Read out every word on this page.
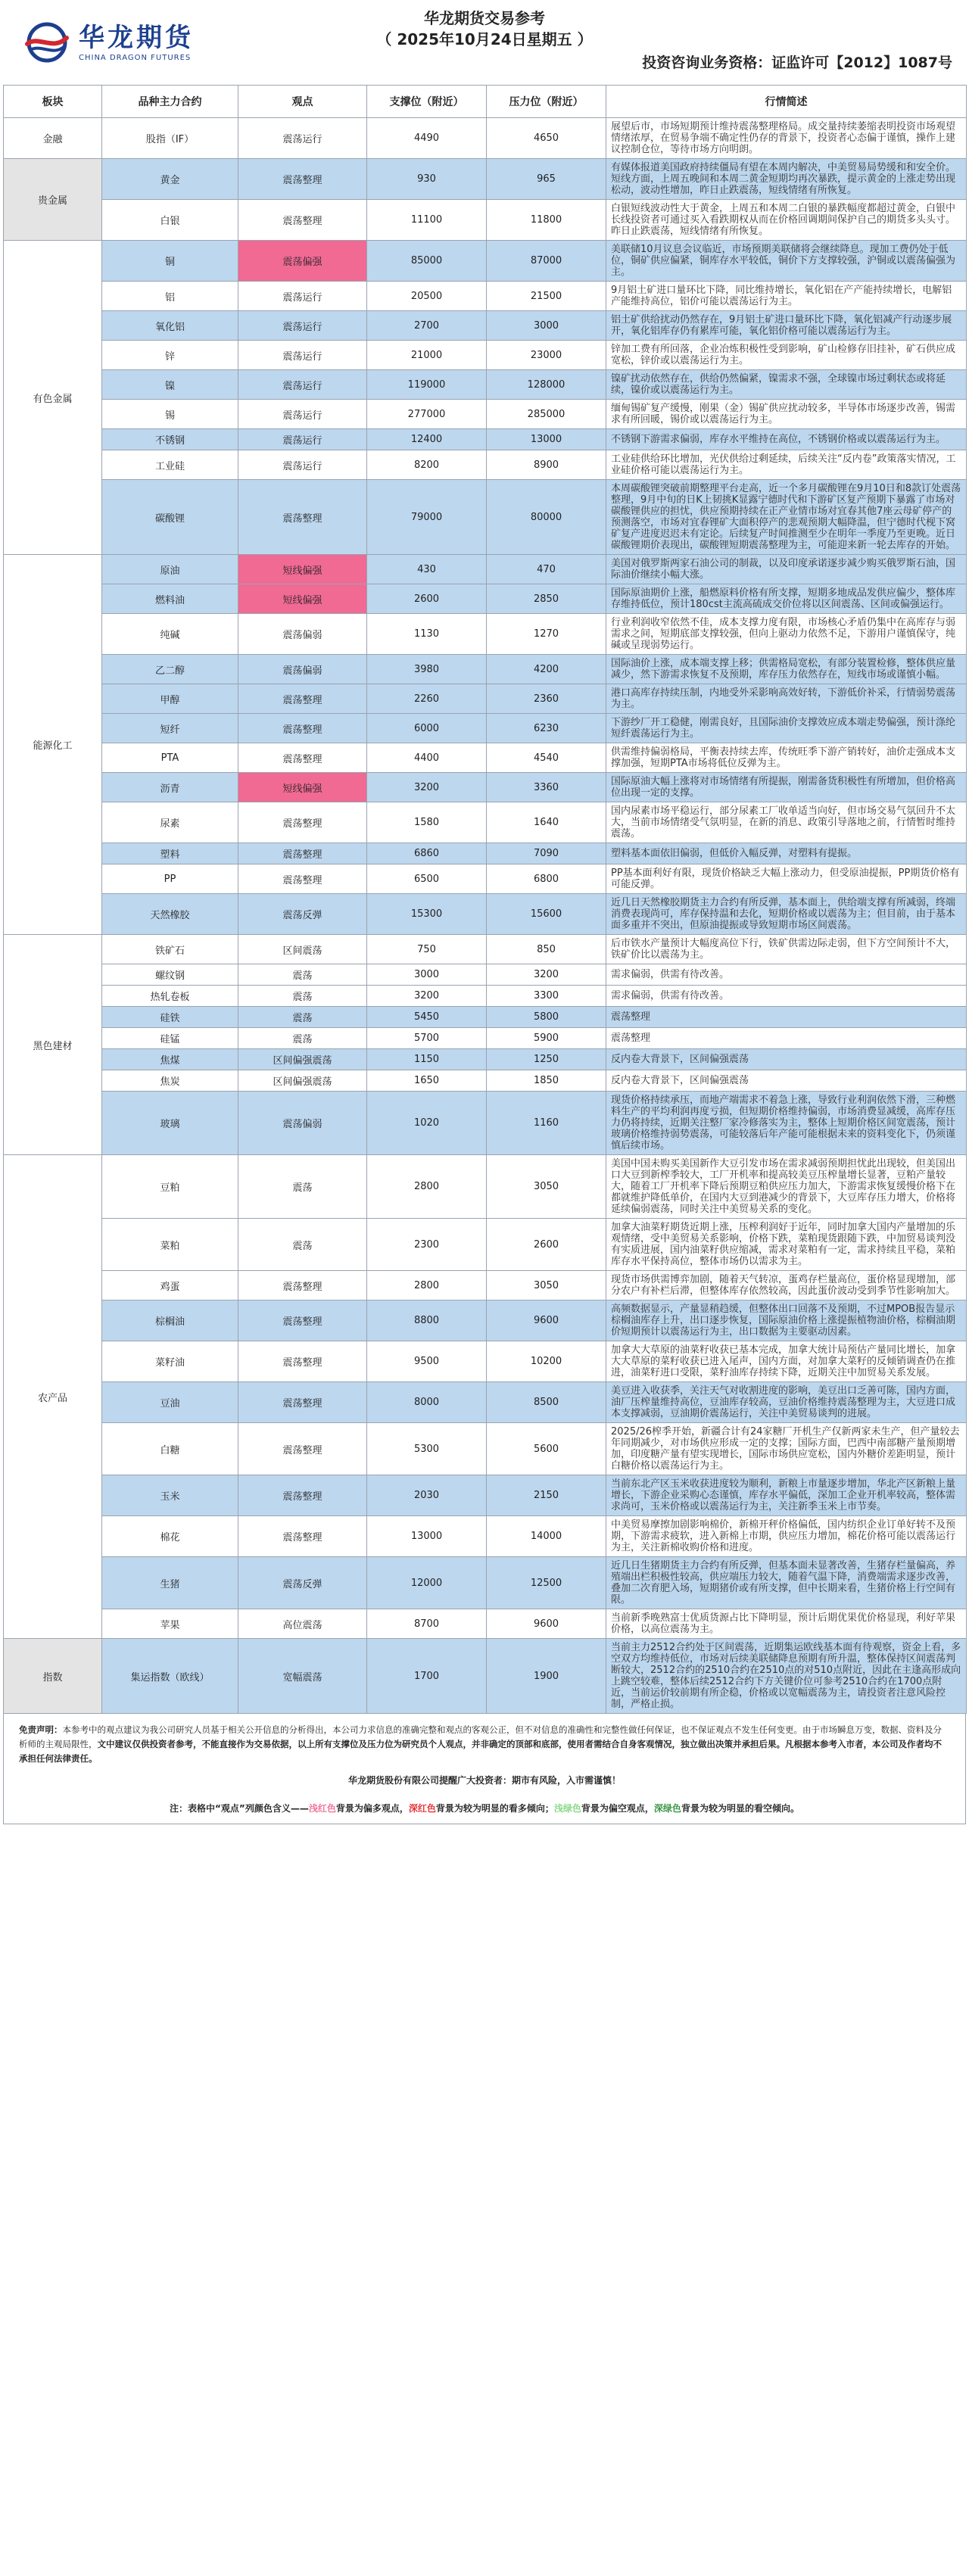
华龙期货
CHINA DRAGON FUTURES
华龙期货交易参考
（ 2025年10月24日星期五 ）
投资咨询业务资格：证监许可【2012】1087号
板块	品种主力合约	观点	支撑位（附近）	压力位（附近）	行情简述
金融	股指（IF）	震荡运行	4490	4650	展望后市，市场短期预计维持震荡整理格局。成交量持续萎缩表明投资市场观望情绪浓厚，在贸易争端不确定性仍存的背景下，投资者心态偏于谨慎，操作上建议控制仓位，等待市场方向明朗。
贵金属	黄金	震荡整理	930	965	有媒体报道美国政府持续僵局有望在本周内解决，中美贸易局势缓和和安全价。短线方面，上周五晚间和本周二黄金短期均再次暴跌，提示黄金的上涨走势出现松动，波动性增加，昨日止跌震荡，短线情绪有所恢复。
	白银	震荡整理	11100	11800	白银短线波动性大于黄金，上周五和本周二白银的暴跌幅度都超过黄金，白银中长线投资者可通过买入看跌期权从而在价格回调期间保护自己的期货多头头寸。昨日止跌震荡，短线情绪有所恢复。
有色金属	铜	震荡偏强	85000	87000	美联储10月议息会议临近，市场预期美联储将会继续降息。现加工费仍处于低位，铜矿供应偏紧，铜库存水平较低，铜价下方支撑较强，沪铜或以震荡偏强为主。
	铝	震荡运行	20500	21500	9月铝土矿进口量环比下降，同比维持增长，氧化铝在产产能持续增长，电解铝产能维持高位，铝价可能以震荡运行为主。
	氧化铝	震荡运行	2700	3000	铝土矿供给扰动仍然存在，9月铝土矿进口量环比下降，氧化铝减产行动逐步展开，氧化铝库存仍有累库可能，氧化铝价格可能以震荡运行为主。
	锌	震荡运行	21000	23000	锌加工费有所回落，企业冶炼积极性受到影响，矿山检修存旧挂补，矿石供应成宽松，锌价或以震荡运行为主。
	镍	震荡运行	119000	128000	镍矿扰动依然存在，供给仍然偏紧，镍需求不强，全球镍市场过剩状态或将延续，镍价或以震荡运行为主。
	锡	震荡运行	277000	285000	缅甸锡矿复产缓慢，刚果（金）锡矿供应扰动较多，半导体市场逐步改善，锡需求有所回暖，锡价或以震荡运行为主。
	不锈钢	震荡运行	12400	13000	不锈钢下游需求偏弱，库存水平维持在高位，不锈钢价格或以震荡运行为主。
	工业硅	震荡运行	8200	8900	工业硅供给环比增加，光伏供给过剩延续，后续关注“反内卷”政策落实情况，工业硅价格可能以震荡运行为主。
	碳酸锂	震荡整理	79000	80000	本周碳酸锂突破前期整理平台走高，近一个多月碳酸锂在9月10日和8款订处震荡整理，9月中旬的日K上韧挑K显露宁德时代和下游矿区复产预期下暴露了市场对碳酸锂供应的担忧，供应预期持续在正产业情市场对宜春其他7座云母矿停产的预测落空，市场对宜春锂矿大面积停产的悲观预期大幅降温，但宁德时代枧下窝矿复产进度迟迟未有定论。后续复产时间推测至少在明年一季度乃至更晚。近日碳酸锂期价表现出，碳酸锂短期震荡整理为主，可能迎来新一轮去库存的开始。
能源化工	原油	短线偏强	430	470	美国对俄罗斯两家石油公司的制裁，以及印度承诺逐步减少购买俄罗斯石油，国际油价继续小幅大涨。
	燃料油	短线偏强	2600	2850	国际原油期价上涨，船燃原料价格有所支撑，短期多地成品发供应偏少，整体库存维持低位，预计180cst主流高硫成交价位将以区间震荡、区间或偏强运行。
	纯碱	震荡偏弱	1130	1270	行业利润收窄依然不佳，成本支撑力度有限，市场核心矛盾仍集中在高库存与弱需求之间，短期底部支撑较强，但向上驱动力依然不足，下游用户谨慎保守，纯碱或呈现弱势运行。
	乙二醇	震荡偏弱	3980	4200	国际油价上涨，成本端支撑上移；供需格局宽松，有部分装置检修，整体供应量减少，然下游需求恢复不及预期，库存压力依然存在，短线市场或谨慎小幅。
	甲醇	震荡整理	2260	2360	港口高库存持续压制，内地受外采影响高效好转，下游低价补采，行情弱势震荡为主。
	短纤	震荡整理	6000	6230	下游纱厂开工稳健，刚需良好，且国际油价支撑效应成本端走势偏强，预计涤纶短纤震荡运行为主。
	PTA	震荡整理	4400	4540	供需维持偏弱格局，平衡表持续去库，传统旺季下游产销转好，油价走强成本支撑加强，短期PTA市场将低位反弹为主。
	沥青	短线偏强	3200	3360	国际原油大幅上涨将对市场情绪有所提振，刚需备货积极性有所增加，但价格高位出现一定的支撑。
	尿素	震荡整理	1580	1640	国内尿素市场平稳运行，部分尿素工厂收单适当向好，但市场交易气氛回升不太大，当前市场情绪受气氛明显，在新的消息、政策引导落地之前，行情暂时维持震荡。
	塑料	震荡整理	6860	7090	塑料基本面依旧偏弱，但低价入幅反弹，对塑料有提振。
	PP	震荡整理	6500	6800	PP基本面利好有限，现货价格缺乏大幅上涨动力，但受原油提振，PP期货价格有可能反弹。
	天然橡胶	震荡反弹	15300	15600	近几日天然橡胶期货主力合约有所反弹，基本面上，供给端支撑有所减弱，终端消费表现尚可，库存保持温和去化，短期价格或以震荡为主；但目前，由于基本面多重并不突出，但原油提振或导致短期市场区间震荡。
黑色建材	铁矿石	区间震荡	750	850	后市铁水产量预计大幅度高位下行，铁矿供需边际走弱，但下方空间预计不大，铁矿价比以震荡为主。
	螺纹钢	震荡	3000	3200	需求偏弱，供需有待改善。
	热轧卷板	震荡	3200	3300	需求偏弱，供需有待改善。
	硅铁	震荡	5450	5800	震荡整理
	硅锰	震荡	5700	5900	震荡整理
	焦煤	区间偏强震荡	1150	1250	反内卷大背景下，区间偏强震荡
	焦炭	区间偏强震荡	1650	1850	反内卷大背景下，区间偏强震荡
	玻璃	震荡偏弱	1020	1160	现货价格持续承压，而地产端需求不着急上涨，导致行业利润依然下滑，三种燃料生产的平均利润再度亏损，但短期价格维持偏弱，市场消费显减缓，高库存压力仍将持续，近期关注整厂家冷修落实为主，整体上短期价格区间宽震荡，预计玻璃价格维持弱势震荡，可能较落后年产能可能根据未来的资料变化下，仍须谨慎后续市场。
农产品	豆粕	震荡	2800	3050	美国中国未购买美国新作大豆引发市场在需求减弱预期担忧此出现较，但美国出口大豆到新榨季较大，工厂开机率和提高较美豆压榨量增长显著，豆粕产量较大，随着工厂开机率下降后预期豆粕供应压力加大，下游需求恢复缓慢价格下在都就维护降低单价，在国内大豆到港减少的背景下，大豆库存压力增大，价格将延续偏弱震荡，同时关注中美贸易关系的变化。
	菜粕	震荡	2300	2600	加拿大油菜籽期货近期上涨，压榨利润好于近年，同时加拿大国内产量增加的乐观情绪，受中美贸易关系影响，价格下跌，菜粕现货跟随下跌，中加贸易谈判没有实质进展，国内油菜籽供应缩减，需求对菜粕有一定，需求持续且平稳，菜粕库存水平保持高位，整体市场仍以需求为主。
	鸡蛋	震荡整理	2800	3050	现货市场供需博弈加剧，随着天气转凉，蛋鸡存栏量高位，蛋价格显现增加，部分农户有补栏后滞，但整体库存依然较高，因此蛋价波动受到季节性影响加大。
	棕榈油	震荡整理	8800	9600	高频数据显示，产量显稍趋缓，但整体出口回落不及预期，不过MPOB报告显示棕榈油库存上升，出口逐步恢复，国际原油价格上涨提振植物油价格，棕榈油期价短期预计以震荡运行为主，出口数据为主要驱动因素。
	菜籽油	震荡整理	9500	10200	加拿大大草原的油菜籽收获已基本完成，加拿大统计局预估产量同比增长，加拿大大草原的菜籽收获已进入尾声，国内方面，对加拿大菜籽的反倾销调查仍在推进，油菜籽进口受限，菜籽油库存持续下降，近期关注中加贸易关系发展。
	豆油	震荡整理	8000	8500	美豆进入收获季，关注天气对收割进度的影响，美豆出口乏善可陈，国内方面，油厂压榨量维持高位，豆油库存较高，豆油价格维持震荡整理为主，大豆进口成本支撑减弱，豆油期价震荡运行，关注中美贸易谈判的进展。
	白糖	震荡整理	5300	5600	2025/26榨季开始，新疆合计有24家糖厂开机生产仅新两家未生产，但产量较去年同期减少，对市场供应形成一定的支撑；国际方面，巴西中南部糖产量预期增加，印度糖产量有望实现增长，国际市场供应宽松，国内外糖价差距明显，预计白糖价格以震荡运行为主。
	玉米	震荡整理	2030	2150	当前东北产区玉米收获进度较为顺利，新粮上市量逐步增加，华北产区新粮上量增长，下游企业采购心态谨慎，库存水平偏低，深加工企业开机率较高，整体需求尚可，玉米价格或以震荡运行为主，关注新季玉米上市节奏。
	棉花	震荡整理	13000	14000	中美贸易摩擦加剧影响棉价，新棉开秤价格偏低，国内纺织企业订单好转不及预期，下游需求疲软，进入新棉上市期，供应压力增加，棉花价格可能以震荡运行为主，关注新棉收购价格和进度。
	生猪	震荡反弹	12000	12500	近几日生猪期货主力合约有所反弹，但基本面未显著改善，生猪存栏量偏高，养殖端出栏积极性较高，供应端压力较大，随着气温下降，消费端需求逐步改善，叠加二次育肥入场，短期猪价或有所支撑，但中长期来看，生猪价格上行空间有限。
	苹果	高位震荡	8700	9600	当前新季晚熟富士优质货源占比下降明显，预计后期优果优价格显现，利好苹果价格，以高位震荡为主。
指数	集运指数（欧线）	宽幅震荡	1700	1900	当前主力2512合约处于区间震荡，近期集运欧线基本面有待观察，资金上看，多空双方均维持低位，市场对后续美联储降息预期有所升温，整体保持区间震荡判断较大，2512合约的2510合约在2510点的对510点附近，因此在主逢高形成向上跳空较难，整体后续2512合约下方关键价位可参考2510合约在1700点附近，当前运价较前期有所企稳，价格或以宽幅震荡为主，请投资者注意风险控制，严格止损。
免责声明：本参考中的观点建议为我公司研究人员基于相关公开信息的分析得出，本公司力求信息的准确完整和观点的客观公正，但不对信息的准确性和完整性做任何保证，也不保证观点不发生任何变更。由于市场瞬息万变，数据、资料及分析师的主观局限性，文中建议仅供投资者参考，不能直接作为交易依据，以上所有支撑位及压力位为研究员个人观点，并非确定的顶部和底部，使用者需结合自身客观情况，独立做出决策并承担后果。凡根据本参考入市者，本公司及作者均不承担任何法律责任。
华龙期货股份有限公司提醒广大投资者：期市有风险，入市需谨慎！
注：表格中“观点”列颜色含义——浅红色背景为偏多观点，深红色背景为较为明显的看多倾向；浅绿色背景为偏空观点，深绿色背景为较为明显的看空倾向。
